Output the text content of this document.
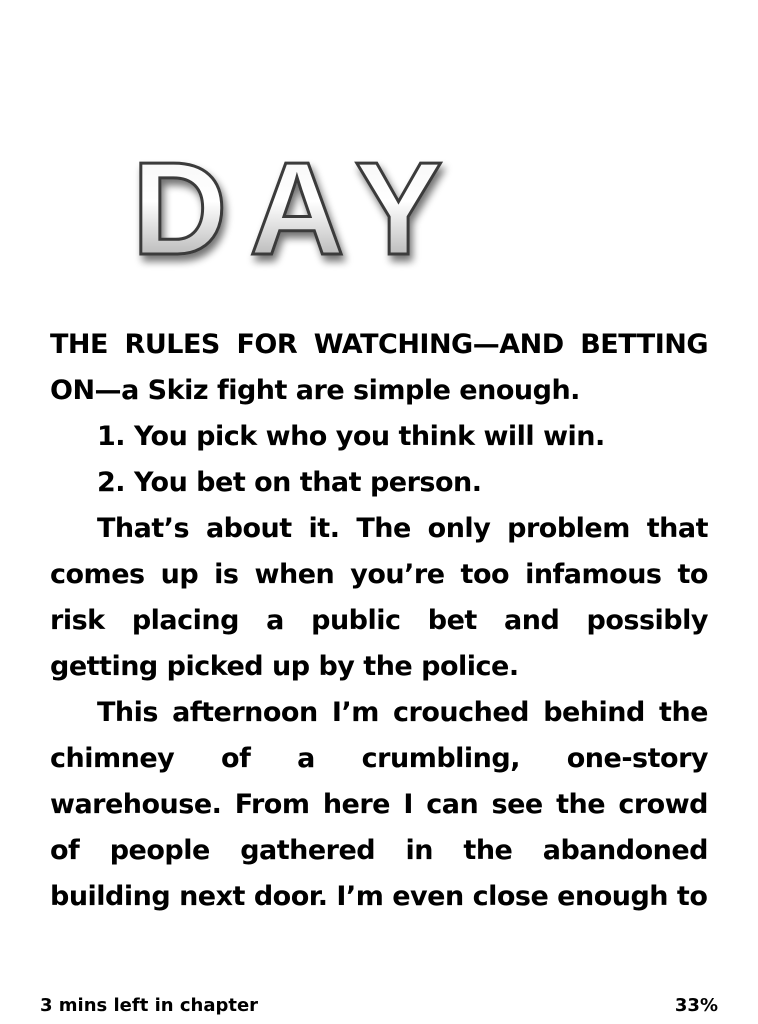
DAY

THE RULES FOR WATCHING—AND BETTING ON—a Skiz fight are simple enough.

1. You pick who you think will win.

2. You bet on that person.

That’s about it. The only problem that comes up is when you’re too infamous to risk placing a public bet and possibly getting picked up by the police.

This afternoon I’m crouched behind the chimney of a crumbling, one-story warehouse. From here I can see the crowd of people gathered in the abandoned building next door. I’m even close enough to

3 mins left in chapter	33%
